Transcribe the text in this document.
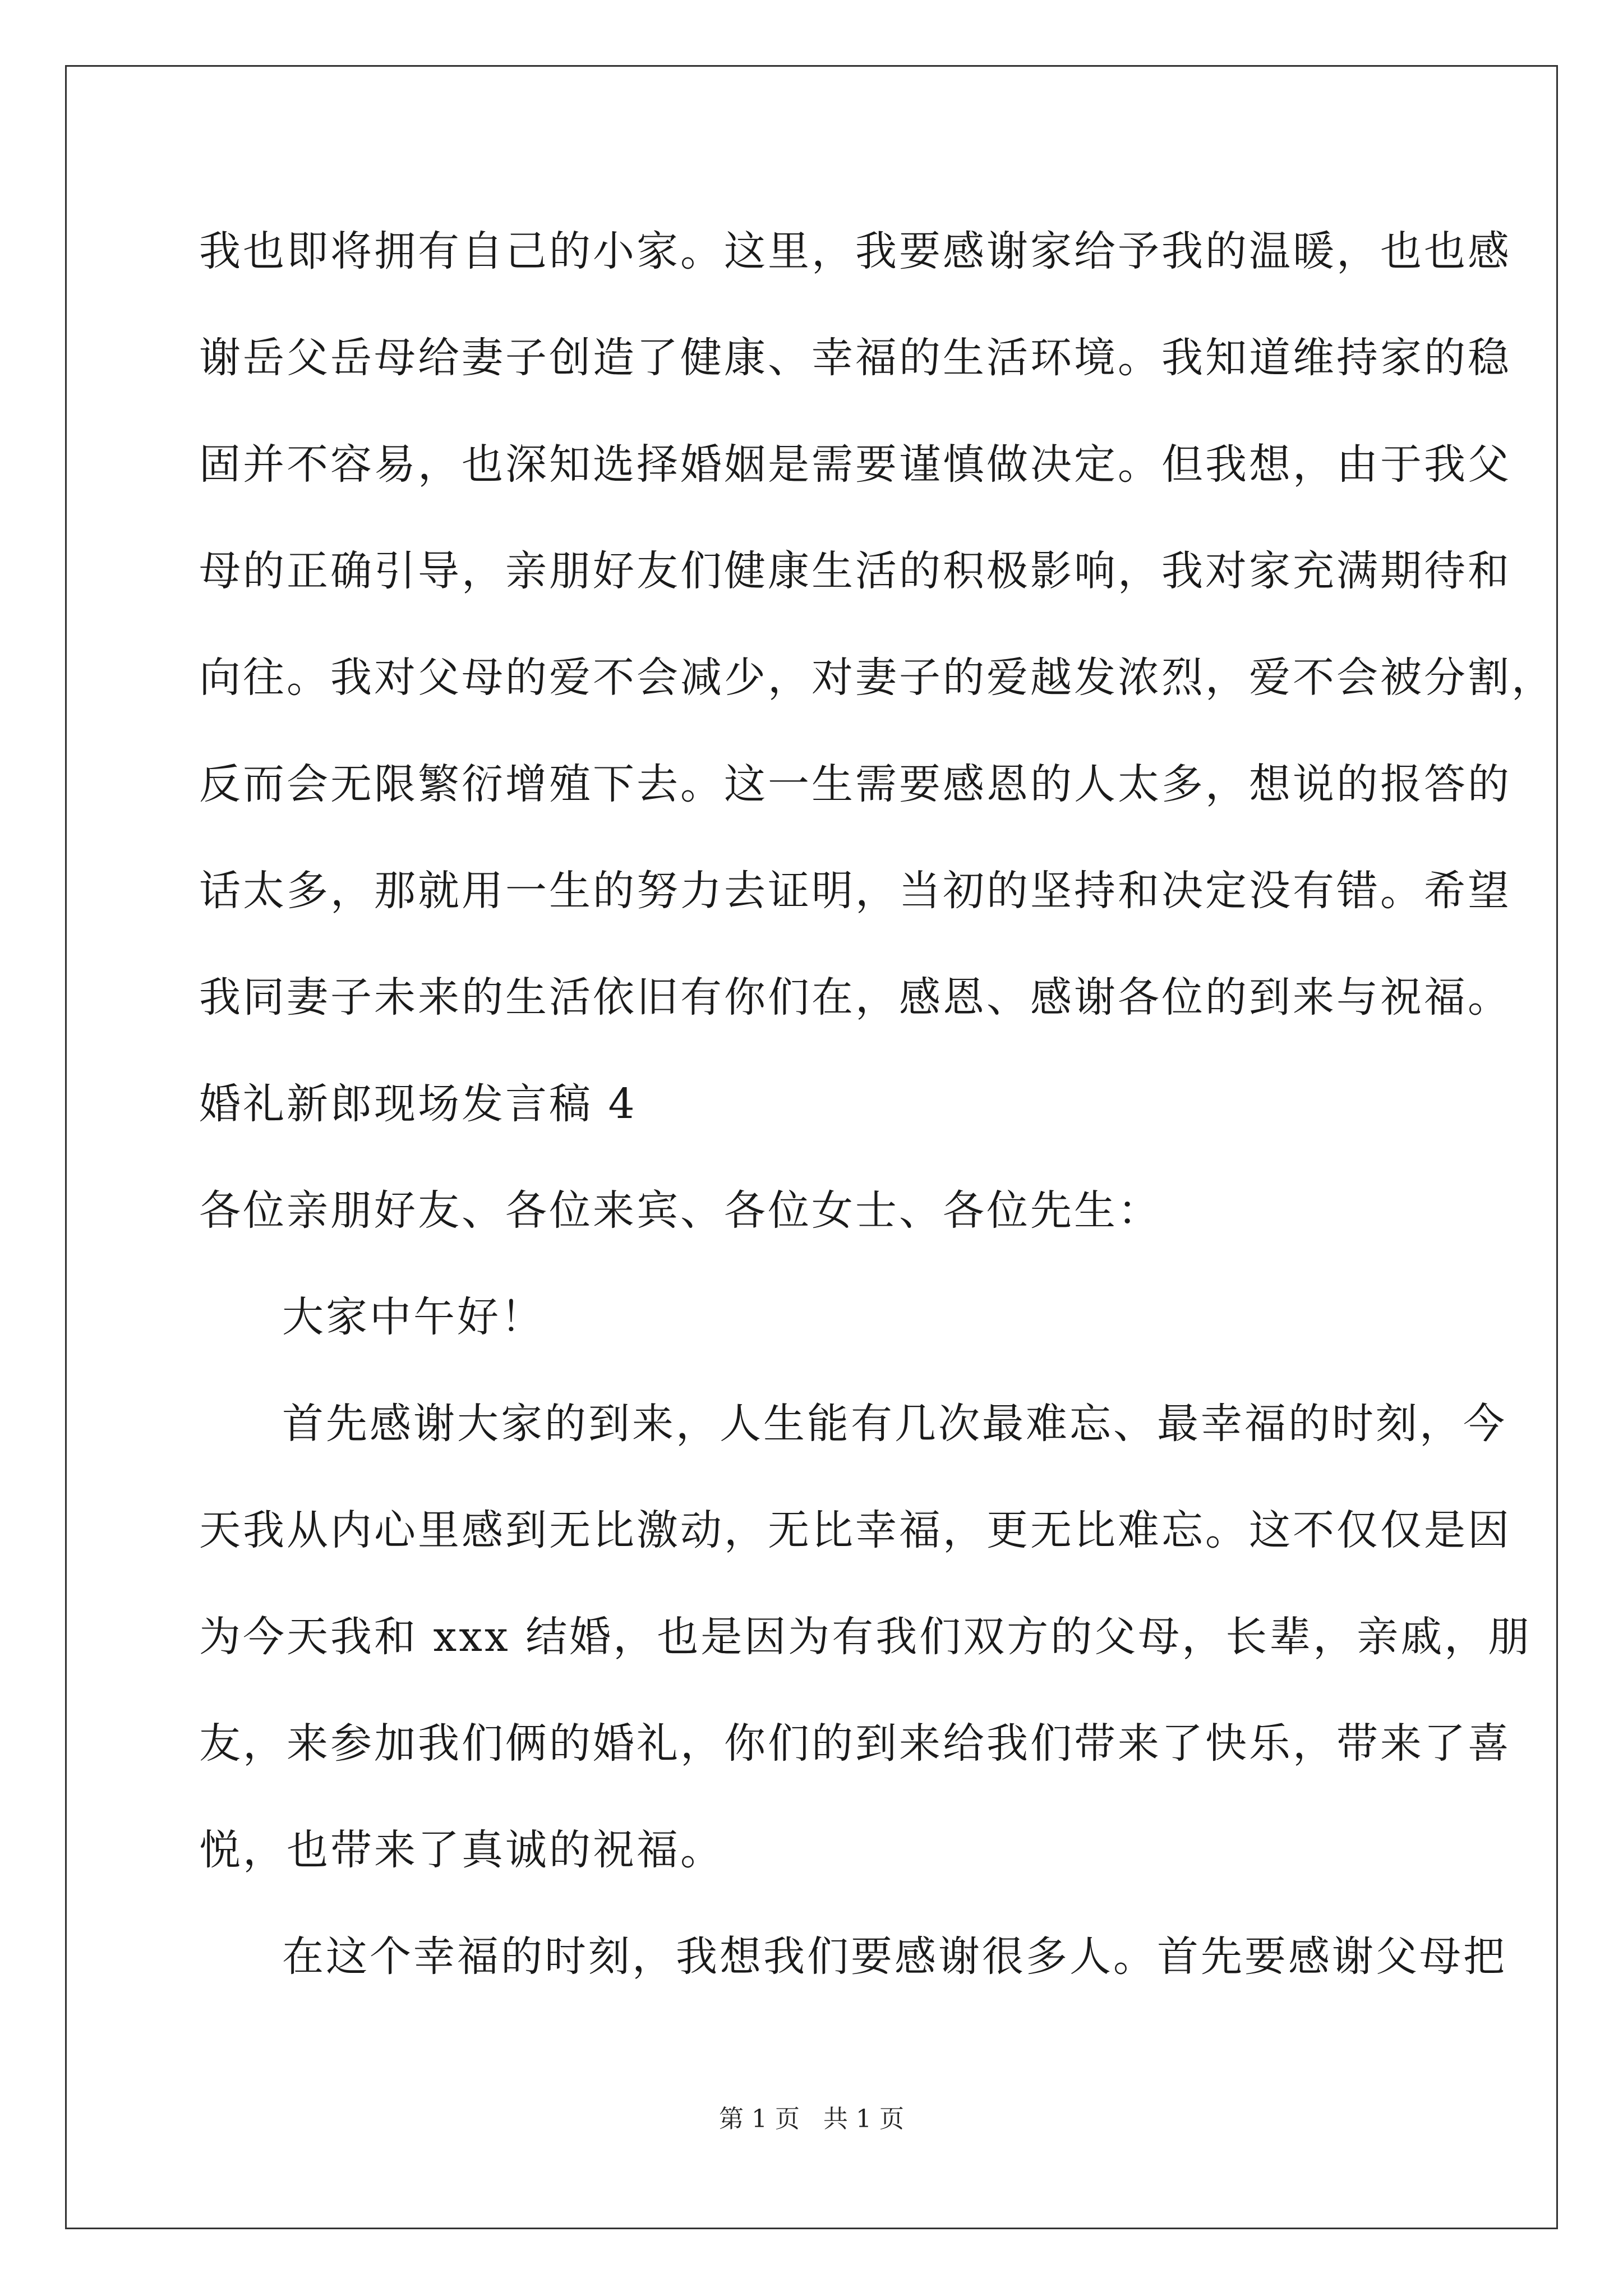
我也即将拥有自己的小家。这里，我要感谢家给予我的温暖，也也感
谢岳父岳母给妻子创造了健康、幸福的生活环境。我知道维持家的稳
固并不容易，也深知选择婚姻是需要谨慎做决定。但我想，由于我父
母的正确引导，亲朋好友们健康生活的积极影响，我对家充满期待和
向往。我对父母的爱不会减少，对妻子的爱越发浓烈，爱不会被分割，
反而会无限繁衍增殖下去。这一生需要感恩的人太多，想说的报答的
话太多，那就用一生的努力去证明，当初的坚持和决定没有错。希望
我同妻子未来的生活依旧有你们在，感恩、感谢各位的到来与祝福。
婚礼新郎现场发言稿 4
各位亲朋好友、各位来宾、各位女士、各位先生：
大家中午好！
首先感谢大家的到来，人生能有几次最难忘、最幸福的时刻，今
天我从内心里感到无比激动，无比幸福，更无比难忘。这不仅仅是因
为今天我和 xxx 结婚，也是因为有我们双方的父母，长辈，亲戚，朋
友，来参加我们俩的婚礼，你们的到来给我们带来了快乐，带来了喜
悦，也带来了真诚的祝福。
在这个幸福的时刻，我想我们要感谢很多人。首先要感谢父母把
第 1 页 共 1 页
